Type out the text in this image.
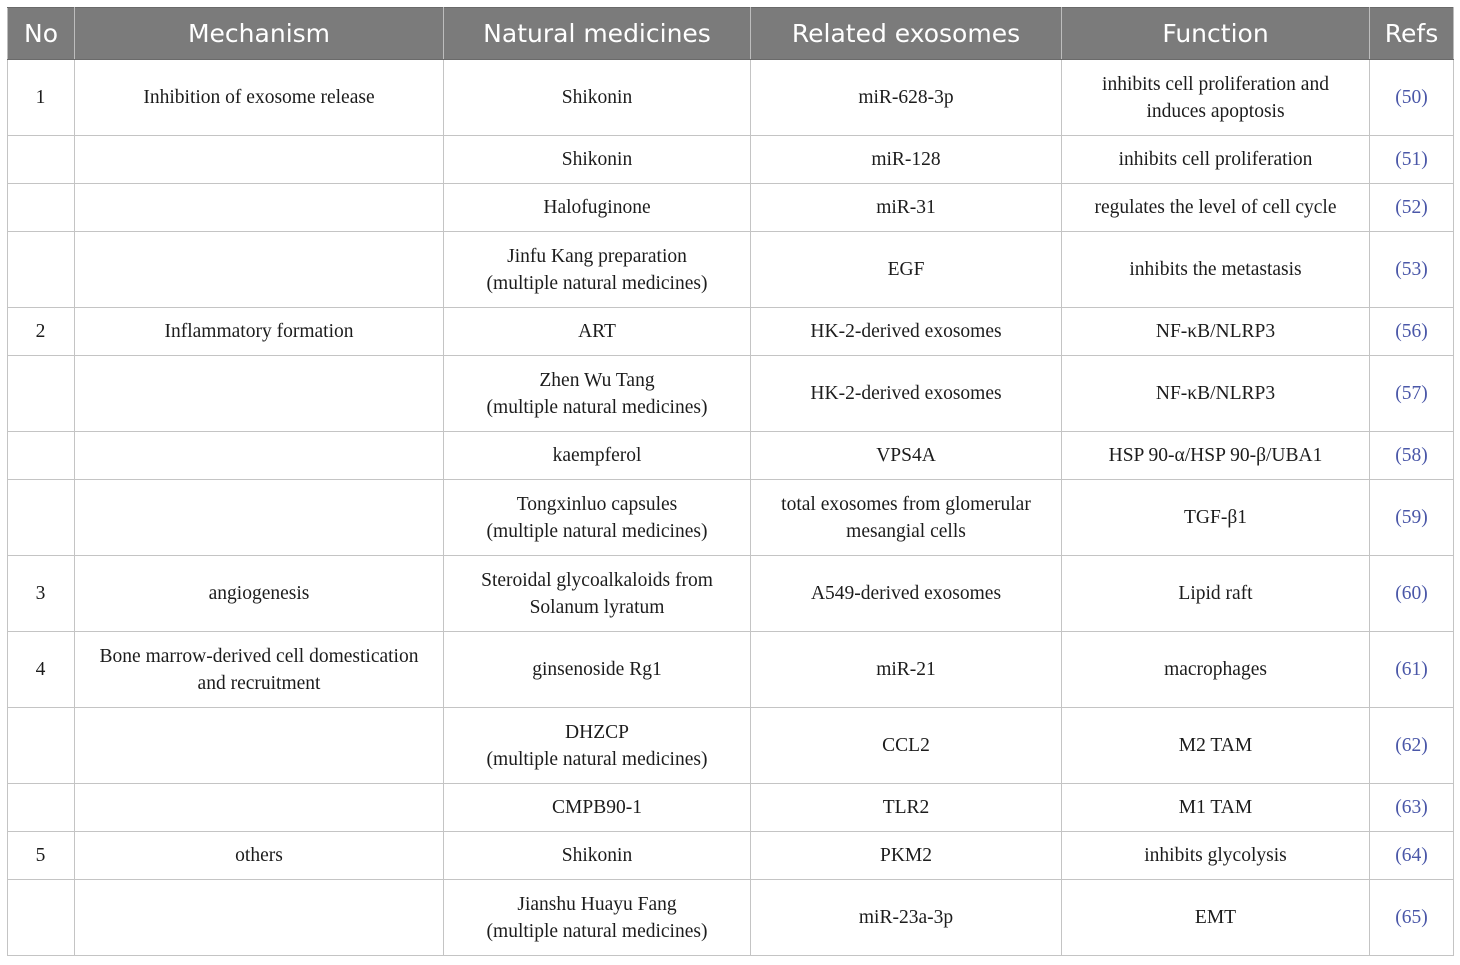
No	Mechanism	Natural medicines	Related exosomes	Function	Refs
1	Inhibition of exosome release	Shikonin	miR-628-3p	inhibits cell proliferation and
induces apoptosis	(50)
		Shikonin	miR-128	inhibits cell proliferation	(51)
		Halofuginone	miR-31	regulates the level of cell cycle	(52)
		Jinfu Kang preparation
(multiple natural medicines)	EGF	inhibits the metastasis	(53)
2	Inflammatory formation	ART	HK-2-derived exosomes	NF-κB/NLRP3	(56)
		Zhen Wu Tang
(multiple natural medicines)	HK-2-derived exosomes	NF-κB/NLRP3	(57)
		kaempferol	VPS4A	HSP 90-α/HSP 90-β/UBA1	(58)
		Tongxinluo capsules
(multiple natural medicines)	total exosomes from glomerular
mesangial cells	TGF-β1	(59)
3	angiogenesis	Steroidal glycoalkaloids from
Solanum lyratum	A549-derived exosomes	Lipid raft	(60)
4	Bone marrow-derived cell domestication and recruitment	ginsenoside Rg1	miR-21	macrophages	(61)
		DHZCP
(multiple natural medicines)	CCL2	M2 TAM	(62)
		CMPB90-1	TLR2	M1 TAM	(63)
5	others	Shikonin	PKM2	inhibits glycolysis	(64)
		Jianshu Huayu Fang
(multiple natural medicines)	miR-23a-3p	EMT	(65)
